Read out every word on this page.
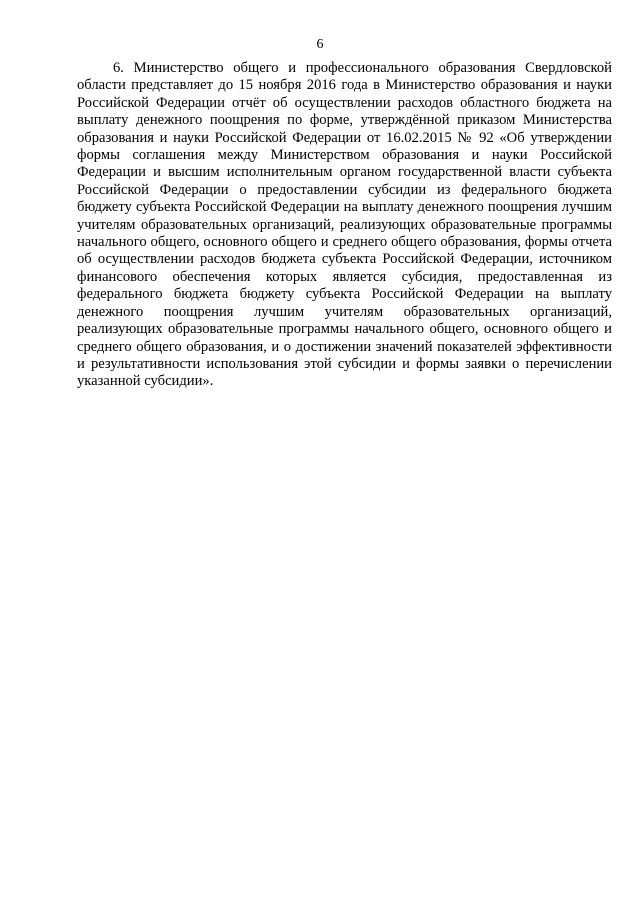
6

6. Министерство общего и профессионального образования Свердловской области представляет до 15 ноября 2016 года в Министерство образования и науки Российской Федерации отчёт об осуществлении расходов областного бюджета на выплату денежного поощрения по форме, утверждённой приказом Министерства образования и науки Российской Федерации от 16.02.2015 № 92 «Об утверждении формы соглашения между Министерством образования и науки Российской Федерации и высшим исполнительным органом государственной власти субъекта Российской Федерации о предоставлении субсидии из федерального бюджета бюджету субъекта Российской Федерации на выплату денежного поощрения лучшим учителям образовательных организаций, реализующих образовательные программы начального общего, основного общего и среднего общего образования, формы отчета об осуществлении расходов бюджета субъекта Российской Федерации, источником финансового обеспечения которых является субсидия, предоставленная из федерального бюджета бюджету субъекта Российской Федерации на выплату денежного поощрения лучшим учителям образовательных организаций, реализующих образовательные программы начального общего, основного общего и среднего общего образования, и о достижении значений показателей эффективности и результативности использования этой субсидии и формы заявки о перечислении указанной субсидии».
